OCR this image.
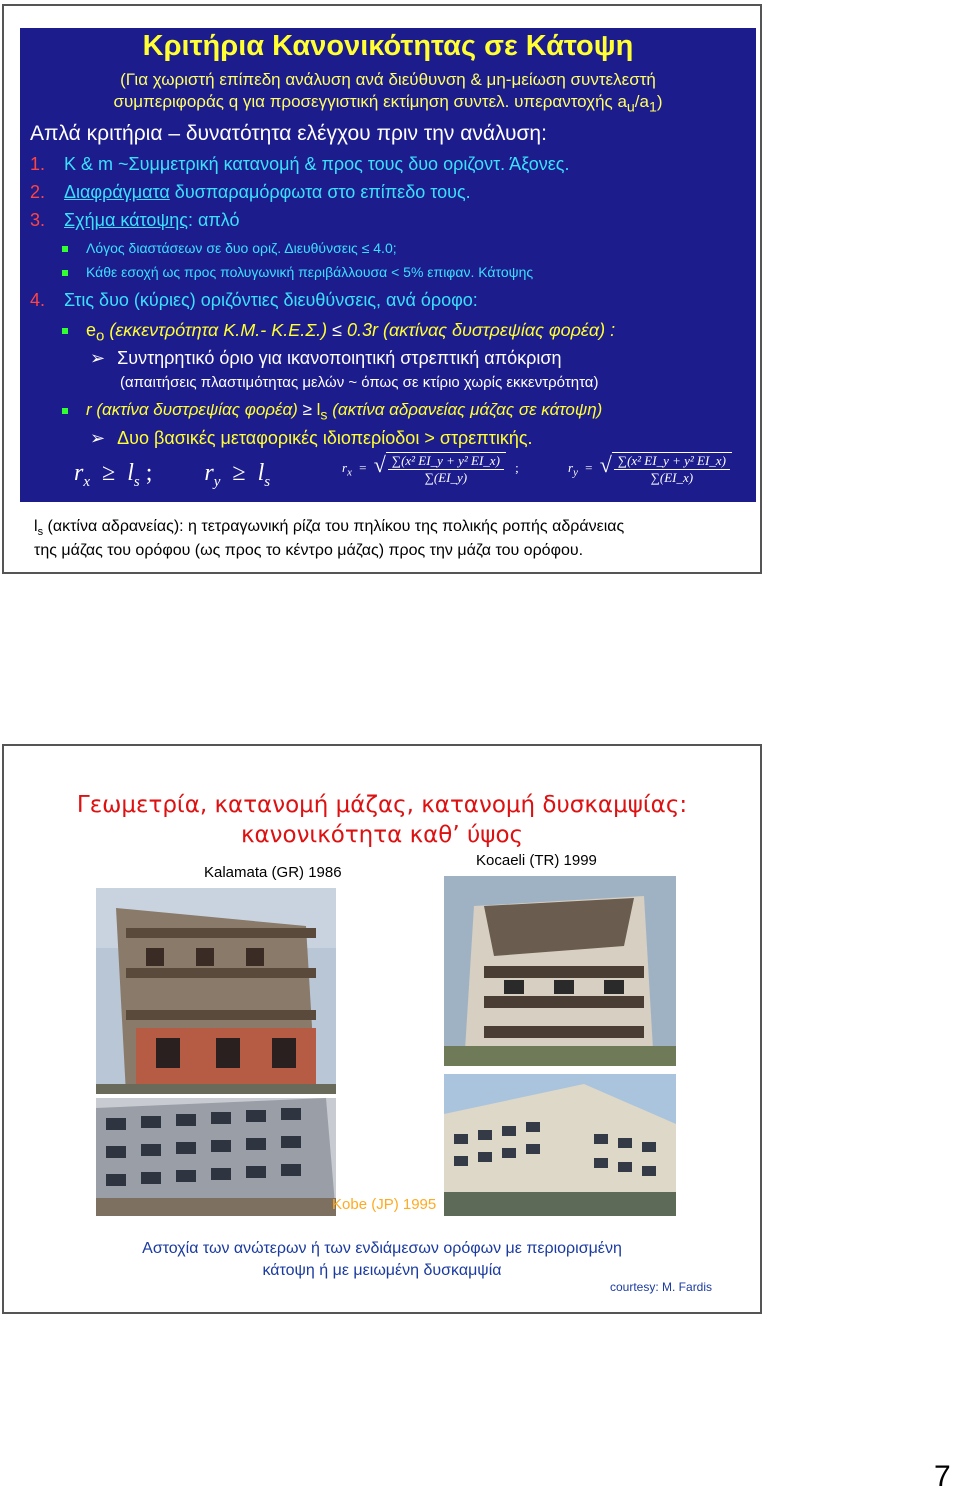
Κριτήρια Κανονικότητας σε Κάτοψη
(Για χωριστή επίπεδη ανάλυση ανά διεύθυνση & μη-μείωση συντελεστή
συμπεριφοράς q για προσεγγιστική εκτίμηση συντελ. υπεραντοχής $a_u/a_1$)
Απλά κριτήρια – δυνατότητα ελέγχου πριν την ανάλυση:
1. K & m ~Συμμετρική κατανομή & προς τους δυο οριζοντ. Άξονες.
2. Διαφράγματα δυσπαραμόρφωτα στο επίπεδο τους.
3. Σχήμα κάτοψης: απλό
Λόγος διαστάσεων σε δυο οριζ. Διευθύνσεις ≤ 4.0;
Κάθε εσοχή ως προς πολυγωνική περιβάλλουσα < 5% επιφαν. Κάτοψης
4. Στις δυο (κύριες) οριζόντιες διευθύνσεις, ανά όροφο:
$e_o$ (εκκεντρότητα Κ.Μ.- Κ.Ε.Σ.) ≤ 0.3r (ακτίνας δυστρεψίας φορέα) :
➢ Συντηρητικό όριο για ικανοποιητική στρεπτική απόκριση
(απαιτήσεις πλαστιμότητας μελών ~ όπως σε κτίριο χωρίς εκκεντρότητα)
r (ακτίνα δυστρεψίας $\varphi o\rho έ\alpha) \ge l_s$ (ακτίνα αδρανείας μάζας σε κάτοψη)
➢ Δυο βασικές μεταφορικές ιδιοπερίοδοι > στρεπτικής.
$r_x \ge l_s$ ; $r_y \ge l_s$
$r_x$ = √ $\frac{\text{∑(x² EI\_y + y² EI\_x)}}{\sum(EI\_y)}$ ;	$r_y$ = √ $\frac{\text{∑(x² EI\_y + y² EI\_x)}}{\sum(EI\_x)}$
$l_s$ (ακτίνα αδρανείας): η τετραγωνική ρίζα του πηλίκου της πολικής ροπής αδράνειας
της μάζας του ορόφου (ως προς το κέντρο μάζας) προς την μάζα του ορόφου.
Γεωμετρία, κατανομή μάζας, κατανομή δυσκαμψίας:
κανονικότητα καθ’ ύψος
Kalamata (GR) 1986
Kocaeli (TR) 1999
Kobe (JP) 1995
Αστοχία των ανώτερων ή των ενδιάμεσων ορόφων με περιορισμένη
κάτοψη ή με μειωμένη δυσκαμψία
courtesy: M. Fardis
7
